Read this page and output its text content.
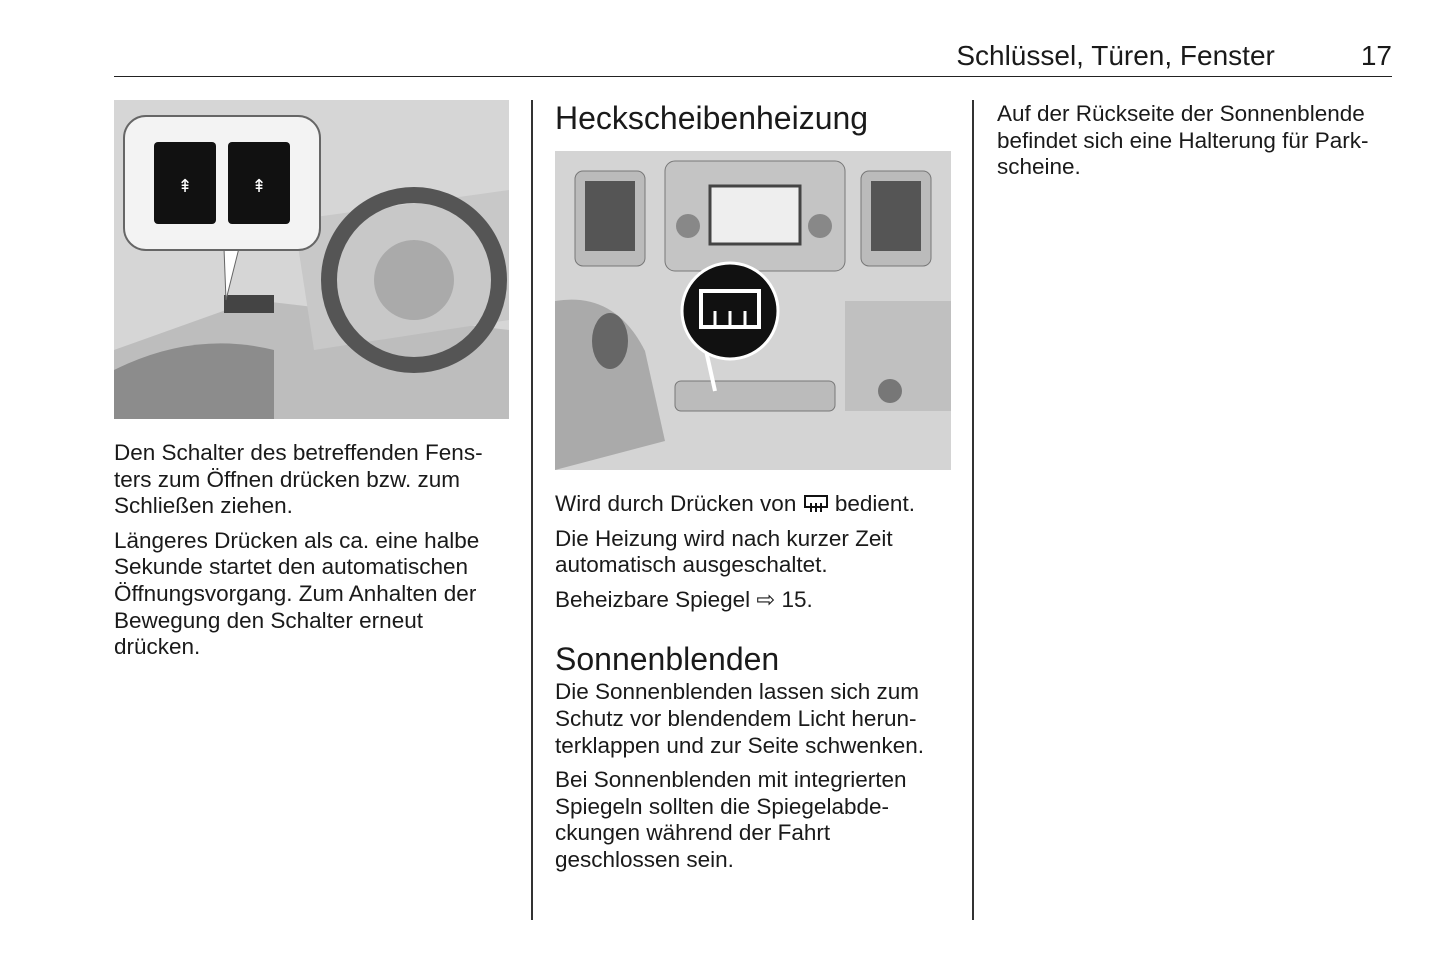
Schlüssel, Türen, Fenster	17
⇞	⇞
Den Schalter des betreffenden Fens-
ters zum Öffnen drücken bzw. zum
Schließen ziehen.
Längeres Drücken als ca. eine halbe
Sekunde startet den automatischen
Öffnungsvorgang. Zum Anhalten der
Bewegung den Schalter erneut
drücken.
Heckscheibenheizung
Wird durch Drücken von bedient.
Die Heizung wird nach kurzer Zeit
automatisch ausgeschaltet.
Beheizbare Spiegel ⇨ 15.
Sonnenblenden
Die Sonnenblenden lassen sich zum
Schutz vor blendendem Licht herun-
terklappen und zur Seite schwenken.
Bei Sonnenblenden mit integrierten
Spiegeln sollten die Spiegelabde-
ckungen während der Fahrt
geschlossen sein.
Auf der Rückseite der Sonnenblende
befindet sich eine Halterung für Park-
scheine.
